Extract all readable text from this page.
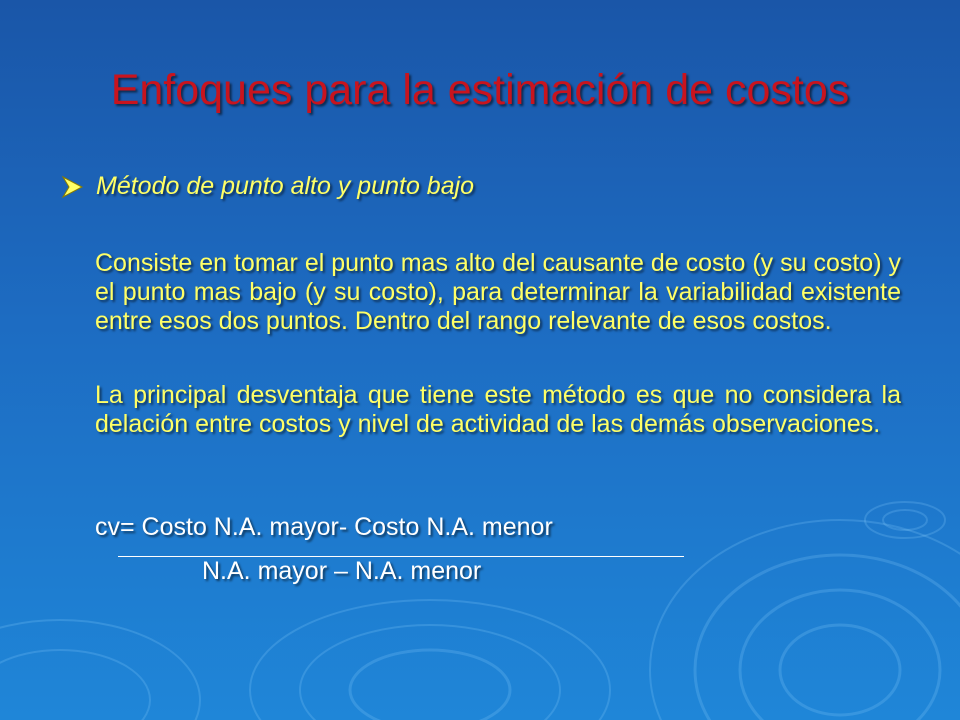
Enfoques para la estimación de costos
Método de punto alto y punto bajo
Consiste en tomar el punto mas alto del causante de costo (y su costo) y el punto mas bajo (y su costo), para determinar la variabilidad existente entre esos dos puntos. Dentro del rango relevante de esos costos.
La principal desventaja que tiene este método es que no considera la delación entre costos y nivel de actividad de las demás observaciones.
cv= Costo N.A. mayor- Costo N.A. menor
N.A. mayor – N.A. menor
